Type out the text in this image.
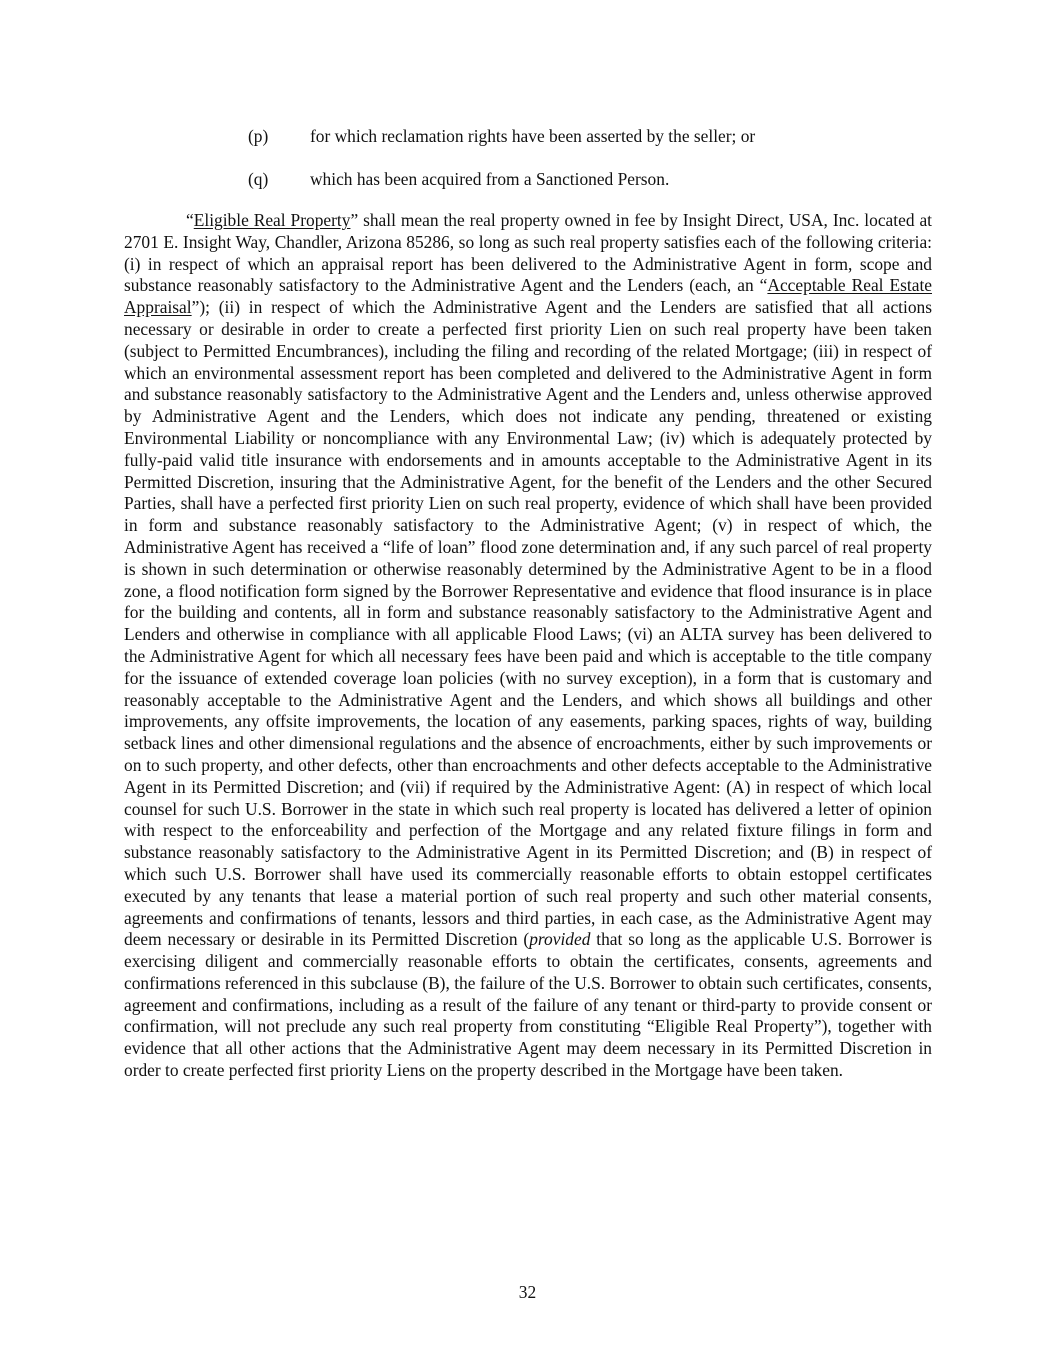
(p) for which reclamation rights have been asserted by the seller; or
(q) which has been acquired from a Sanctioned Person.

“Eligible Real Property” shall mean the real property owned in fee by Insight Direct, USA, Inc. located at 2701 E. Insight Way, Chandler, Arizona 85286, so long as such real property satisfies each of the following criteria: (i) in respect of which an appraisal report has been delivered to the Administrative Agent in form, scope and substance reasonably satisfactory to the Administrative Agent and the Lenders (each, an “Acceptable Real Estate Appraisal”); (ii) in respect of which the Administrative Agent and the Lenders are satisfied that all actions necessary or desirable in order to create a perfected first priority Lien on such real property have been taken (subject to Permitted Encumbrances), including the filing and recording of the related Mortgage; (iii) in respect of which an environmental assessment report has been completed and delivered to the Administrative Agent in form and substance reasonably satisfactory to the Administrative Agent and the Lenders and, unless otherwise approved by Administrative Agent and the Lenders, which does not indicate any pending, threatened or existing Environmental Liability or noncompliance with any Environmental Law; (iv) which is adequately protected by fully-paid valid title insurance with endorsements and in amounts acceptable to the Administrative Agent in its Permitted Discretion, insuring that the Administrative Agent, for the benefit of the Lenders and the other Secured Parties, shall have a perfected first priority Lien on such real property, evidence of which shall have been provided in form and substance reasonably satisfactory to the Administrative Agent; (v) in respect of which, the Administrative Agent has received a “life of loan” flood zone determination and, if any such parcel of real property is shown in such determination or otherwise reasonably determined by the Administrative Agent to be in a flood zone, a flood notification form signed by the Borrower Representative and evidence that flood insurance is in place for the building and contents, all in form and substance reasonably satisfactory to the Administrative Agent and Lenders and otherwise in compliance with all applicable Flood Laws; (vi) an ALTA survey has been delivered to the Administrative Agent for which all necessary fees have been paid and which is acceptable to the title company for the issuance of extended coverage loan policies (with no survey exception), in a form that is customary and reasonably acceptable to the Administrative Agent and the Lenders, and which shows all buildings and other improvements, any offsite improvements, the location of any easements, parking spaces, rights of way, building setback lines and other dimensional regulations and the absence of encroachments, either by such improvements or on to such property, and other defects, other than encroachments and other defects acceptable to the Administrative Agent in its Permitted Discretion; and (vii) if required by the Administrative Agent: (A) in respect of which local counsel for such U.S. Borrower in the state in which such real property is located has delivered a letter of opinion with respect to the enforceability and perfection of the Mortgage and any related fixture filings in form and substance reasonably satisfactory to the Administrative Agent in its Permitted Discretion; and (B) in respect of which such U.S. Borrower shall have used its commercially reasonable efforts to obtain estoppel certificates executed by any tenants that lease a material portion of such real property and such other material consents, agreements and confirmations of tenants, lessors and third parties, in each case, as the Administrative Agent may deem necessary or desirable in its Permitted Discretion (provided that so long as the applicable U.S. Borrower is exercising diligent and commercially reasonable efforts to obtain the certificates, consents, agreements and confirmations referenced in this subclause (B), the failure of the U.S. Borrower to obtain such certificates, consents, agreement and confirmations, including as a result of the failure of any tenant or third-party to provide consent or confirmation, will not preclude any such real property from constituting “Eligible Real Property”), together with evidence that all other actions that the Administrative Agent may deem necessary in its Permitted Discretion in order to create perfected first priority Liens on the property described in the Mortgage have been taken.

32
